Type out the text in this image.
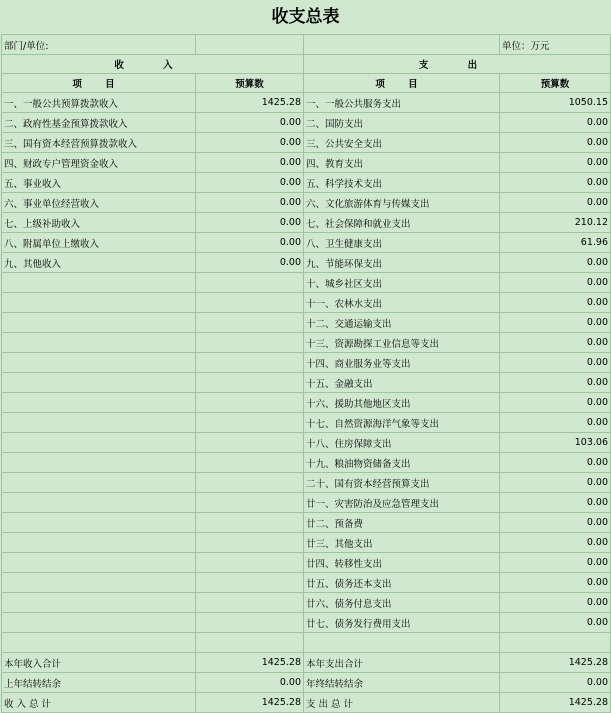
收支总表
部门/单位:			单位：万元
收 入		支 出	
项 目	预算数	项 目	预算数
一、一般公共预算拨款收入	1425.28	一、一般公共服务支出	1050.15
二、政府性基金预算拨款收入	0.00	二、国防支出	0.00
三、国有资本经营预算拨款收入	0.00	三、公共安全支出	0.00
四、财政专户管理资金收入	0.00	四、教育支出	0.00
五、事业收入	0.00	五、科学技术支出	0.00
六、事业单位经营收入	0.00	六、文化旅游体育与传媒支出	0.00
七、上级补助收入	0.00	七、社会保障和就业支出	210.12
八、附属单位上缴收入	0.00	八、卫生健康支出	61.96
九、其他收入	0.00	九、节能环保支出	0.00
		十、城乡社区支出	0.00
		十一、农林水支出	0.00
		十二、交通运输支出	0.00
		十三、资源勘探工业信息等支出	0.00
		十四、商业服务业等支出	0.00
		十五、金融支出	0.00
		十六、援助其他地区支出	0.00
		十七、自然资源海洋气象等支出	0.00
		十八、住房保障支出	103.06
		十九、粮油物资储备支出	0.00
		二十、国有资本经营预算支出	0.00
		廿一、灾害防治及应急管理支出	0.00
		廿二、预备费	0.00
		廿三、其他支出	0.00
		廿四、转移性支出	0.00
		廿五、债务还本支出	0.00
		廿六、债务付息支出	0.00
		廿七、债务发行费用支出	0.00

本年收入合计	1425.28	本年支出合计	1425.28
上年结转结余	0.00	年终结转结余	0.00
收 入 总 计	1425.28	支 出 总 计	1425.28
